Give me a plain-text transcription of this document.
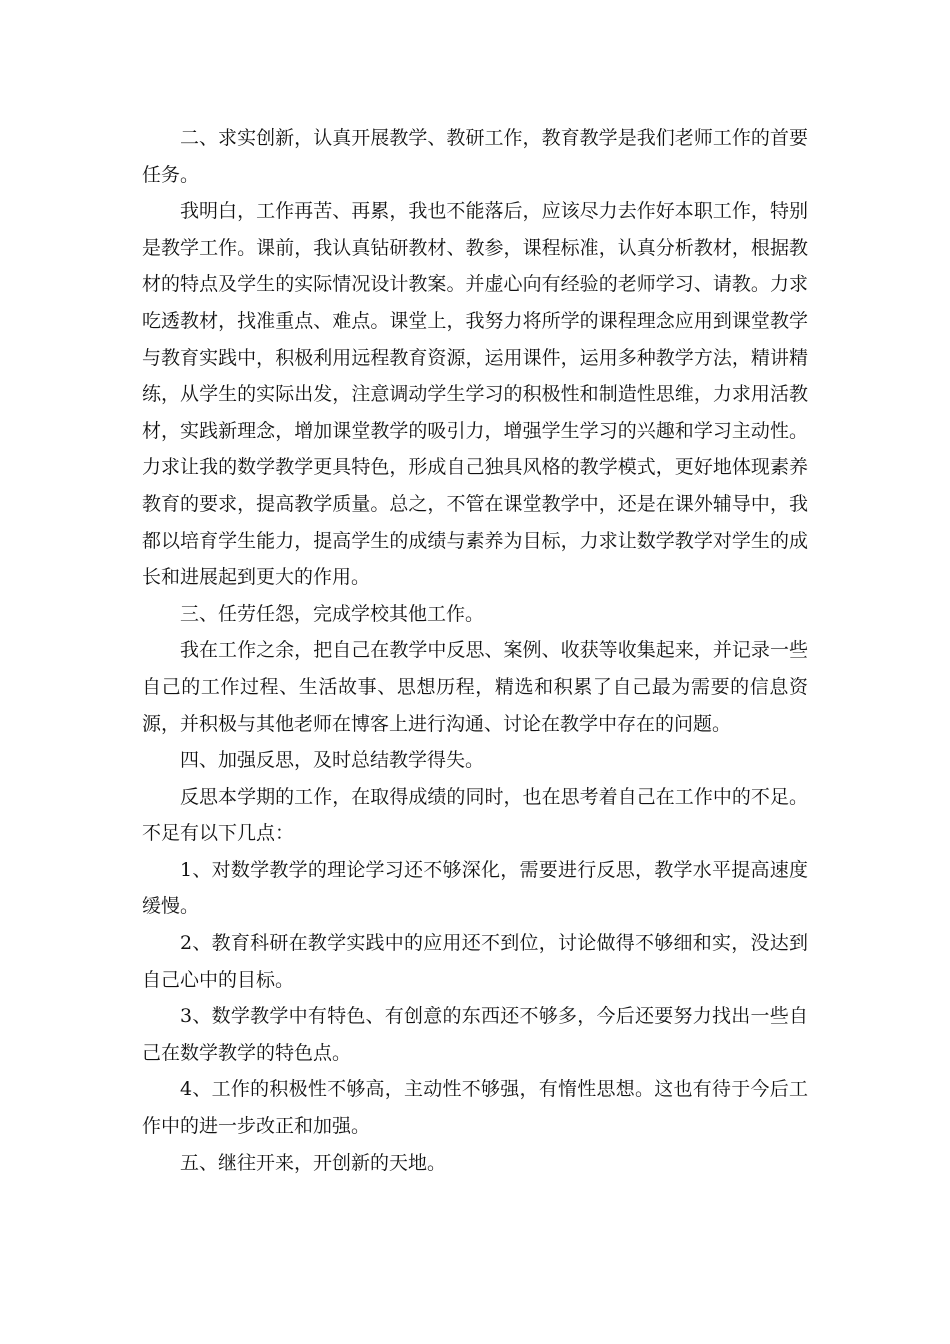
二、求实创新，认真开展教学、教研工作，教育教学是我们老师工作的首要任务。

我明白，工作再苦、再累，我也不能落后，应该尽力去作好本职工作，特别是教学工作。课前，我认真钻研教材、教参，课程标准，认真分析教材，根据教材的特点及学生的实际情况设计教案。并虚心向有经验的老师学习、请教。力求吃透教材，找准重点、难点。课堂上，我努力将所学的课程理念应用到课堂教学与教育实践中，积极利用远程教育资源，运用课件，运用多种教学方法，精讲精练，从学生的实际出发，注意调动学生学习的积极性和制造性思维，力求用活教材，实践新理念，增加课堂教学的吸引力，增强学生学习的兴趣和学习主动性。力求让我的数学教学更具特色，形成自己独具风格的教学模式，更好地体现素养教育的要求，提高教学质量。总之，不管在课堂教学中，还是在课外辅导中，我都以培育学生能力，提高学生的成绩与素养为目标，力求让数学教学对学生的成长和进展起到更大的作用。

三、任劳任怨，完成学校其他工作。

我在工作之余，把自己在教学中反思、案例、收获等收集起来，并记录一些自己的工作过程、生活故事、思想历程，精选和积累了自己最为需要的信息资源，并积极与其他老师在博客上进行沟通、讨论在教学中存在的问题。

四、加强反思，及时总结教学得失。

反思本学期的工作，在取得成绩的同时，也在思考着自己在工作中的不足。不足有以下几点：

1、对数学教学的理论学习还不够深化，需要进行反思，教学水平提高速度缓慢。

2、教育科研在教学实践中的应用还不到位，讨论做得不够细和实，没达到自己心中的目标。

3、数学教学中有特色、有创意的东西还不够多，今后还要努力找出一些自己在数学教学的特色点。

4、工作的积极性不够高，主动性不够强，有惰性思想。这也有待于今后工作中的进一步改正和加强。

五、继往开来，开创新的天地。
